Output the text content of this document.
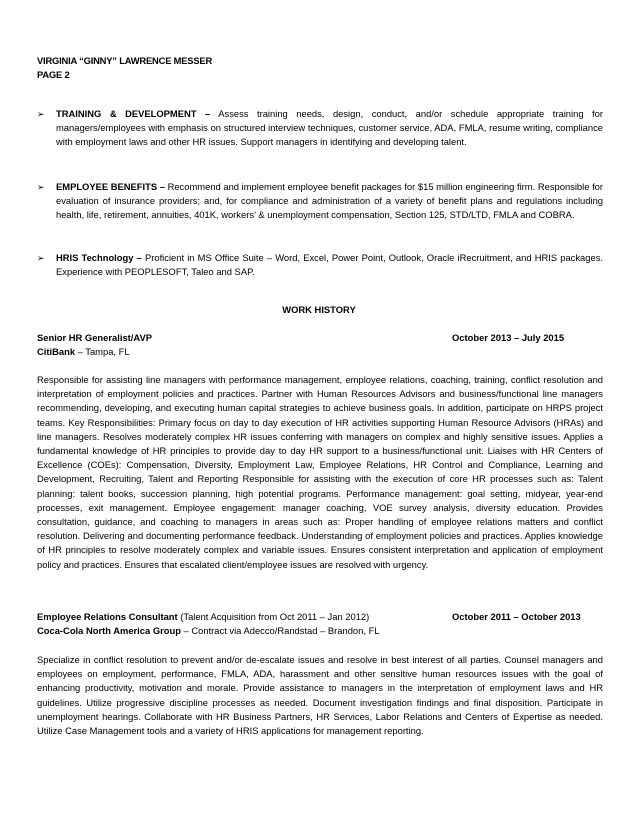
VIRGINIA “GINNY” LAWRENCE MESSER
PAGE 2
➢ TRAINING & DEVELOPMENT – Assess training needs, design, conduct, and/or schedule appropriate training for managers/employees with emphasis on structured interview techniques, customer service, ADA, FMLA, resume writing, compliance with employment laws and other HR issues. Support managers in identifying and developing talent.
➢ EMPLOYEE BENEFITS – Recommend and implement employee benefit packages for $15 million engineering firm. Responsible for evaluation of insurance providers; and, for compliance and administration of a variety of benefit plans and regulations including health, life, retirement, annuities, 401K, workers’ & unemployment compensation, Section 125, STD/LTD, FMLA and COBRA.
➢ HRIS Technology – Proficient in MS Office Suite – Word, Excel, Power Point, Outlook, Oracle iRecruitment, and HRIS packages. Experience with PEOPLESOFT, Taleo and SAP.
WORK HISTORY
Senior HR Generalist/AVP	October 2013 – July 2015
CitiBank – Tampa, FL
Responsible for assisting line managers with performance management, employee relations, coaching, training, conflict resolution and interpretation of employment policies and practices. Partner with Human Resources Advisors and business/functional line managers recommending, developing, and executing human capital strategies to achieve business goals. In addition, participate on HRPS project teams. Key Responsibilities: Primary focus on day to day execution of HR activities supporting Human Resource Advisors (HRAs) and line managers. Resolves moderately complex HR issues conferring with managers on complex and highly sensitive issues. Applies a fundamental knowledge of HR principles to provide day to day HR support to a business/functional unit. Liaises with HR Centers of Excellence (COEs): Compensation, Diversity, Employment Law, Employee Relations, HR Control and Compliance, Learning and Development, Recruiting, Talent and Reporting Responsible for assisting with the execution of core HR processes such as: Talent planning: talent books, succession planning, high potential programs. Performance management: goal setting, midyear, year-end processes, exit management. Employee engagement: manager coaching, VOE survey analysis, diversity education. Provides consultation, guidance, and coaching to managers in areas such as: Proper handling of employee relations matters and conflict resolution. Delivering and documenting performance feedback. Understanding of employment policies and practices. Applies knowledge of HR principles to resolve moderately complex and variable issues. Ensures consistent interpretation and application of employment policy and practices. Ensures that escalated client/employee issues are resolved with urgency.
Employee Relations Consultant (Talent Acquisition from Oct 2011 – Jan 2012)	October 2011 – October 2013
Coca-Cola North America Group – Contract via Adecco/Randstad – Brandon, FL
Specialize in conflict resolution to prevent and/or de-escalate issues and resolve in best interest of all parties. Counsel managers and employees on employment, performance, FMLA, ADA, harassment and other sensitive human resources issues with the goal of enhancing productivity, motivation and morale. Provide assistance to managers in the interpretation of employment laws and HR guidelines. Utilize progressive discipline processes as needed. Document investigation findings and final disposition. Participate in unemployment hearings. Collaborate with HR Business Partners, HR Services, Labor Relations and Centers of Expertise as needed. Utilize Case Management tools and a variety of HRIS applications for management reporting.
